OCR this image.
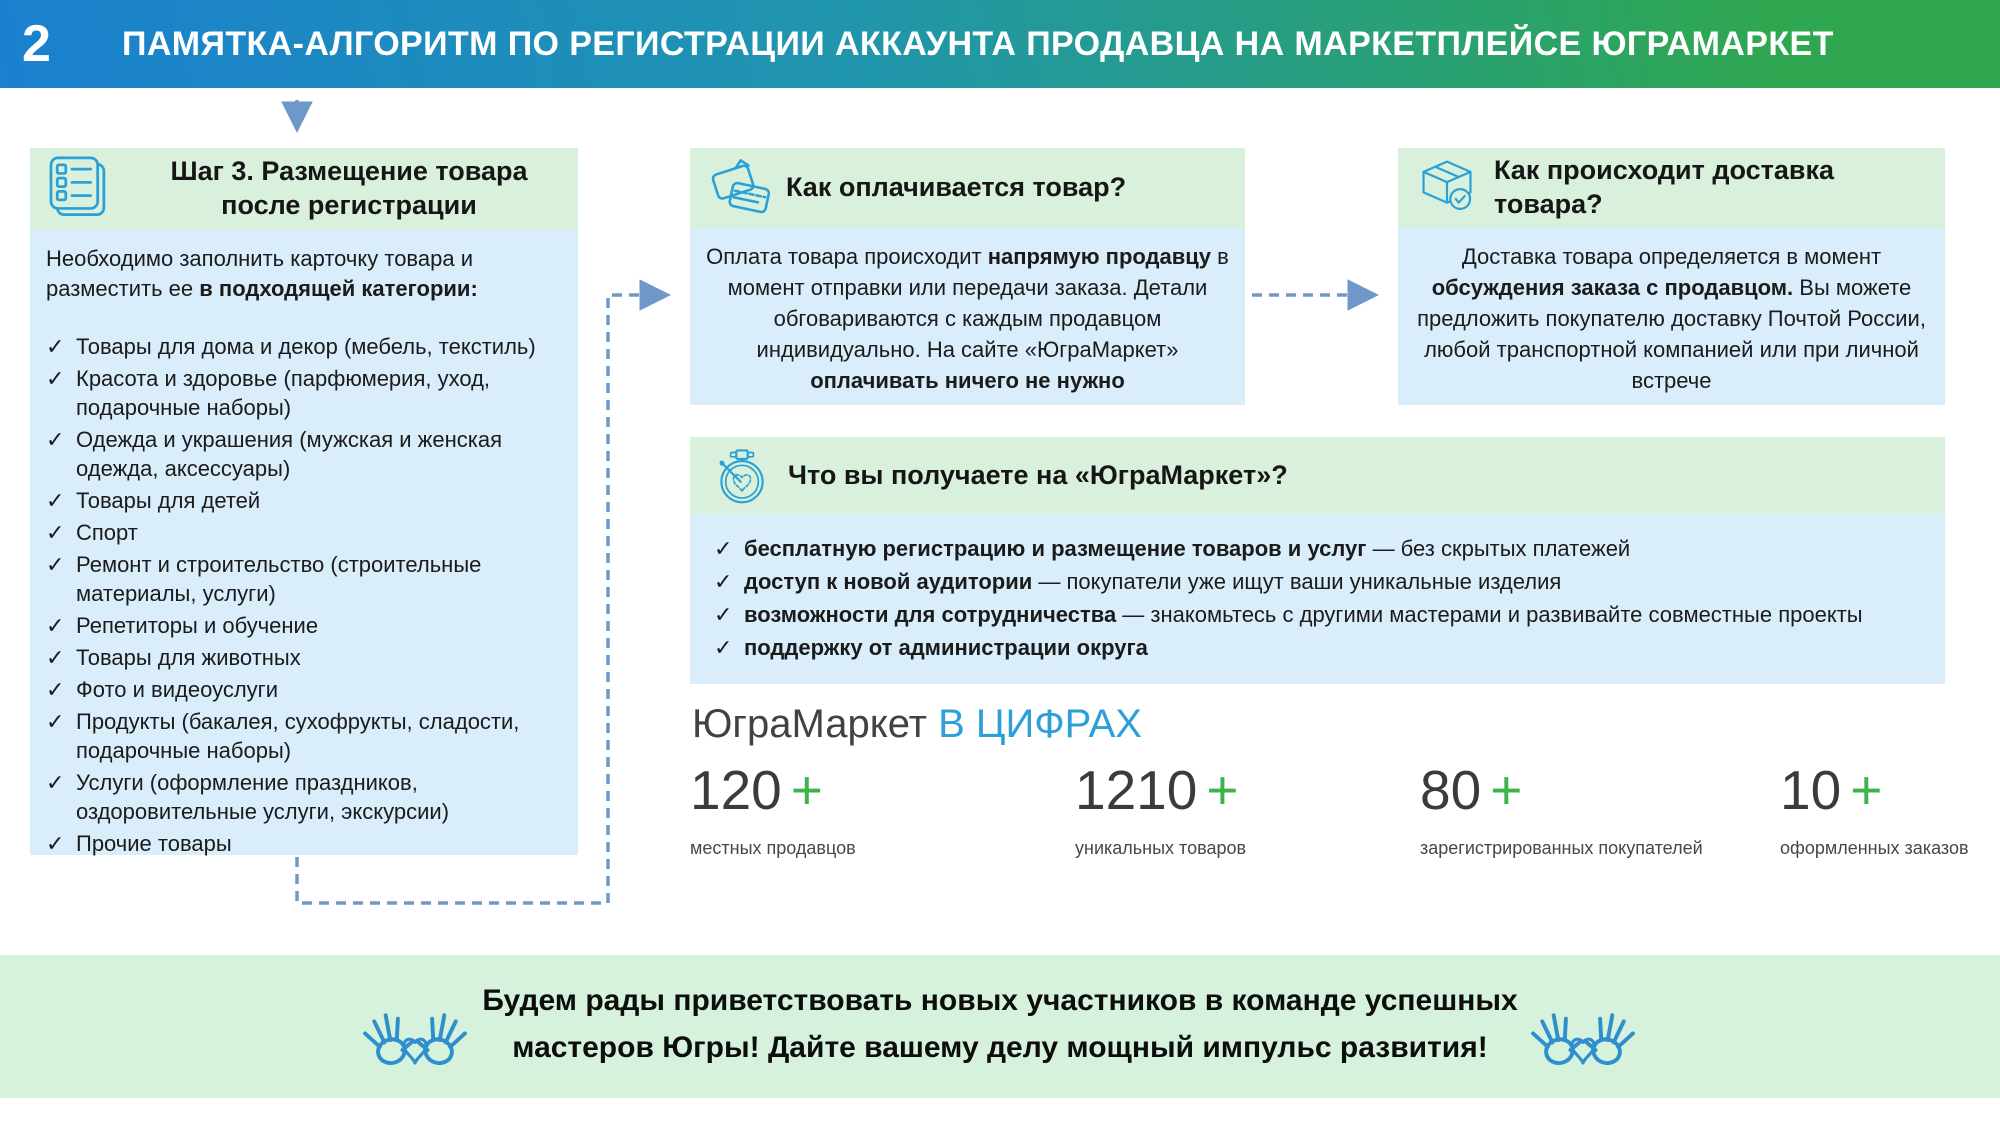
2	ПАМЯТКА-АЛГОРИТМ ПО РЕГИСТРАЦИИ АККАУНТА ПРОДАВЦА НА МАРКЕТПЛЕЙСЕ ЮГРАМАРКЕТ
Шаг 3. Размещение товара после регистрации

Необходимо заполнить карточку товара и разместить ее в подходящей категории:

✓ Товары для дома и декор (мебель, текстиль)
✓ Красота и здоровье (парфюмерия, уход, подарочные наборы)
✓ Одежда и украшения (мужская и женская одежда, аксессуары)
✓ Товары для детей
✓ Спорт
✓ Ремонт и строительство (строительные материалы, услуги)
✓ Репетиторы и обучение
✓ Товары для животных
✓ Фото и видеоуслуги
✓ Продукты (бакалея, сухофрукты, сладости, подарочные наборы)
✓ Услуги (оформление праздников, оздоровительные услуги, экскурсии)
✓ Прочие товары
Как оплачивается товар?
Оплата товара происходит напрямую продавцу в момент отправки или передачи заказа. Детали обговариваются с каждым продавцом индивидуально. На сайте «ЮграМаркет» оплачивать ничего не нужно
Как происходит доставка товара?
Доставка товара определяется в момент обсуждения заказа с продавцом. Вы можете предложить покупателю доставку Почтой России, любой транспортной компанией или при личной встрече
Что вы получаете на «ЮграМаркет»?
✓ бесплатную регистрацию и размещение товаров и услуг — без скрытых платежей
✓ доступ к новой аудитории — покупатели уже ищут ваши уникальные изделия
✓ возможности для сотрудничества — знакомьтесь с другими мастерами и развивайте совместные проекты
✓ поддержку от администрации округа
ЮграМаркет В ЦИФРАХ
120 +
местных продавцов
1210 +
уникальных товаров
80 +
зарегистрированных покупателей
10 +
оформленных заказов
Будем рады приветствовать новых участников в команде успешных
мастеров Югры! Дайте вашему делу мощный импульс развития!
